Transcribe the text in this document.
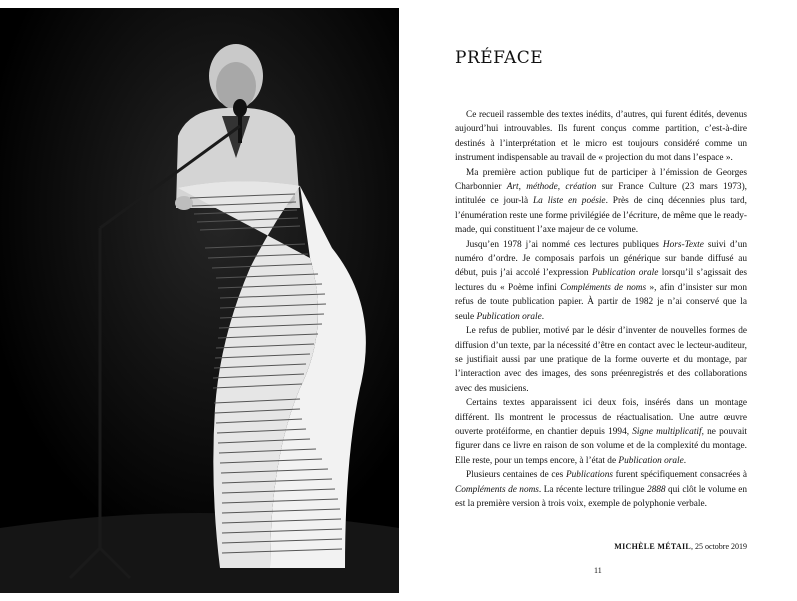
PRÉFACE

Ce recueil rassemble des textes inédits, d’autres, qui furent édités, devenus aujourd’hui introuvables. Ils furent conçus comme partition, c’est-à-dire destinés à l’interprétation et le micro est toujours considéré comme un instrument indispensable au travail de « projection du mot dans l’espace ».

Ma première action publique fut de participer à l’émission de Georges Charbonnier Art, méthode, création sur France Culture (23 mars 1973), intitulée ce jour-là La liste en poésie. Près de cinq décennies plus tard, l’énumération reste une forme privilégiée de l’écriture, de même que le ready-made, qui constituent l’axe majeur de ce volume.

Jusqu’en 1978 j’ai nommé ces lectures publiques Hors-Texte suivi d’un numéro d’ordre. Je composais parfois un générique sur bande diffusé au début, puis j’ai accolé l’expression Publication orale lorsqu’il s’agissait des lectures du « Poème infini Compléments de noms », afin d’insister sur mon refus de toute publication papier. À partir de 1982 je n’ai conservé que la seule Publication orale.

Le refus de publier, motivé par le désir d’inventer de nouvelles formes de diffusion d’un texte, par la nécessité d’être en contact avec le lecteur-auditeur, se justifiait aussi par une pratique de la forme ouverte et du montage, par l’interaction avec des images, des sons préenregistrés et des collaborations avec des musiciens.

Certains textes apparaissent ici deux fois, insérés dans un montage différent. Ils montrent le processus de réactualisation. Une autre œuvre ouverte protéiforme, en chantier depuis 1994, Signe multiplicatif, ne pouvait figurer dans ce livre en raison de son volume et de la complexité du montage. Elle reste, pour un temps encore, à l’état de Publication orale.

Plusieurs centaines de ces Publications furent spécifiquement consacrées à Compléments de noms. La récente lecture trilingue 2888 qui clôt le volume en est la première version à trois voix, exemple de polyphonie verbale.

MICHÈLE MÉTAIL, 25 octobre 2019
11
